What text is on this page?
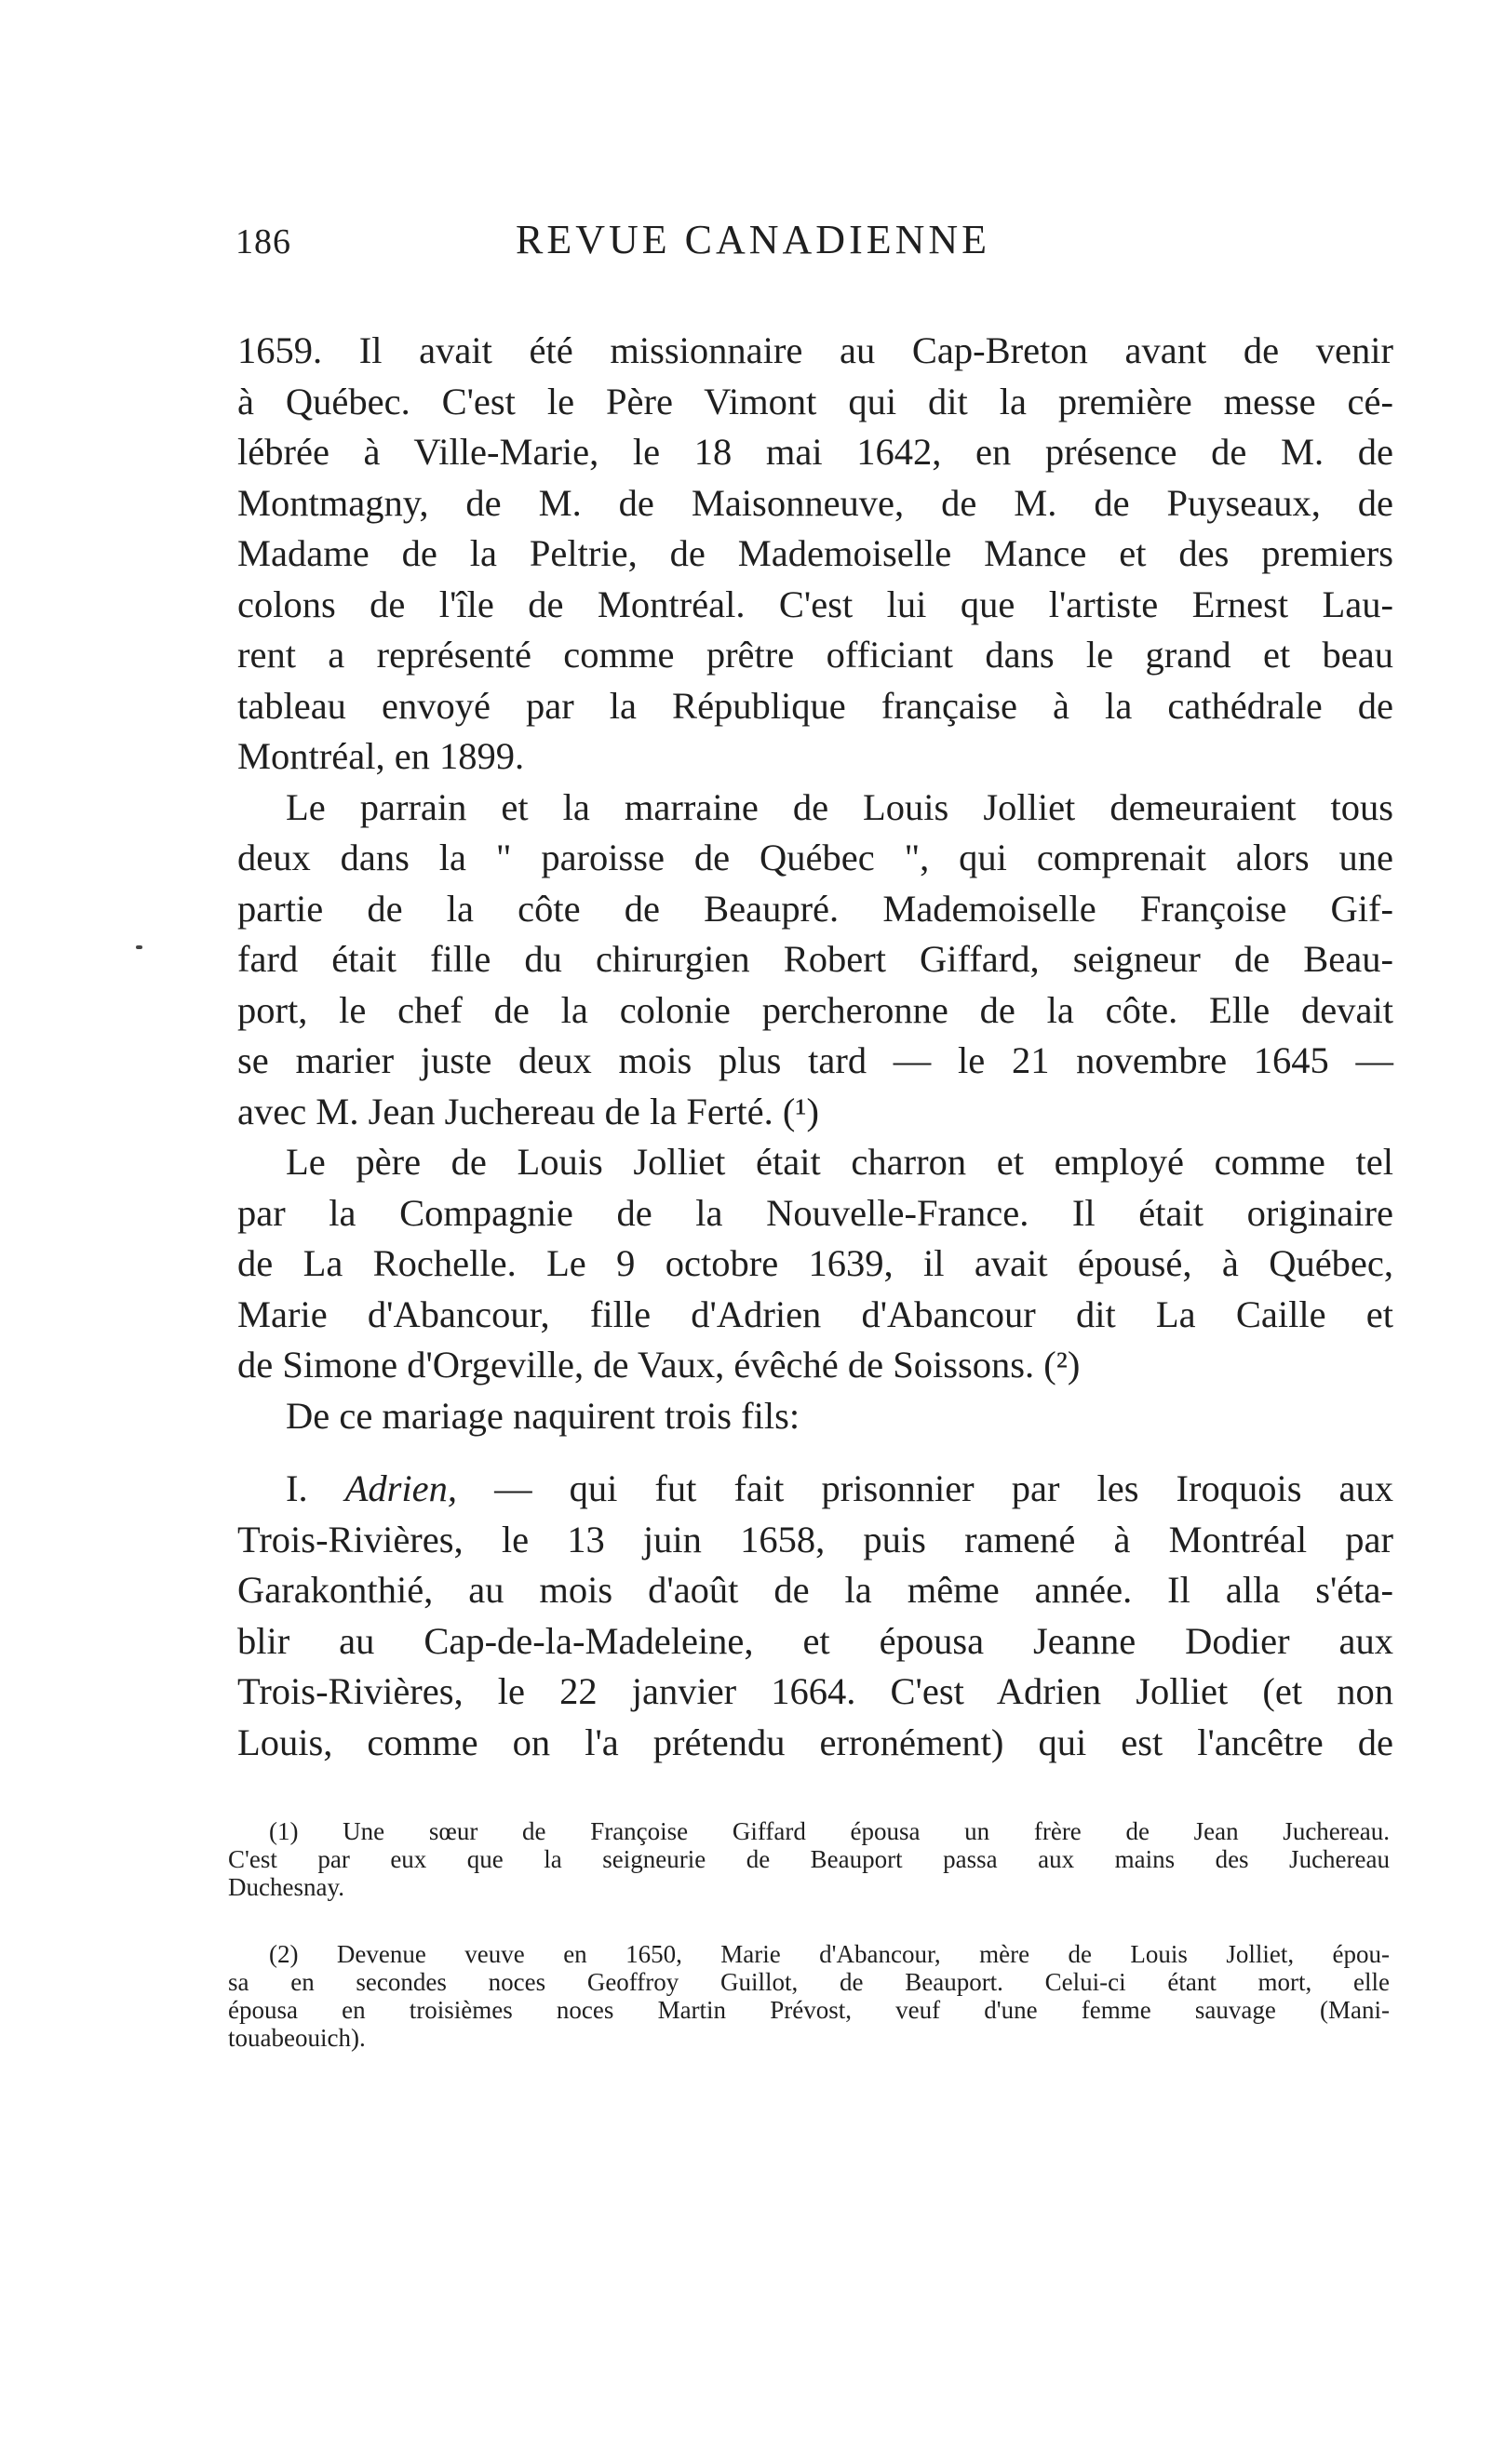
186	REVUE CANADIENNE
1659. Il avait été missionnaire au Cap-Breton avant de venir
à Québec. C'est le Père Vimont qui dit la première messe cé-
lébrée à Ville-Marie, le 18 mai 1642, en présence de M. de
Montmagny, de M. de Maisonneuve, de M. de Puyseaux, de
Madame de la Peltrie, de Mademoiselle Mance et des premiers
colons de l'île de Montréal. C'est lui que l'artiste Ernest Lau-
rent a représenté comme prêtre officiant dans le grand et beau
tableau envoyé par la République française à la cathédrale de
Montréal, en 1899.
Le parrain et la marraine de Louis Jolliet demeuraient tous
deux dans la " paroisse de Québec ", qui comprenait alors une
partie de la côte de Beaupré. Mademoiselle Françoise Gif-
fard était fille du chirurgien Robert Giffard, seigneur de Beau-
port, le chef de la colonie percheronne de la côte. Elle devait
se marier juste deux mois plus tard — le 21 novembre 1645 —
avec M. Jean Juchereau de la Ferté. (¹)
Le père de Louis Jolliet était charron et employé comme tel
par la Compagnie de la Nouvelle-France. Il était originaire
de La Rochelle. Le 9 octobre 1639, il avait épousé, à Québec,
Marie d'Abancour, fille d'Adrien d'Abancour dit La Caille et
de Simone d'Orgeville, de Vaux, évêché de Soissons. (²)
De ce mariage naquirent trois fils:
I. Adrien, — qui fut fait prisonnier par les Iroquois aux
Trois-Rivières, le 13 juin 1658, puis ramené à Montréal par
Garakonthié, au mois d'août de la même année. Il alla s'éta-
blir au Cap-de-la-Madeleine, et épousa Jeanne Dodier aux
Trois-Rivières, le 22 janvier 1664. C'est Adrien Jolliet (et non
Louis, comme on l'a prétendu erronément) qui est l'ancêtre de
(1) Une sœur de Françoise Giffard épousa un frère de Jean Juchereau.
C'est par eux que la seigneurie de Beauport passa aux mains des Juchereau
Duchesnay.
(2) Devenue veuve en 1650, Marie d'Abancour, mère de Louis Jolliet, épou-
sa en secondes noces Geoffroy Guillot, de Beauport. Celui-ci étant mort, elle
épousa en troisièmes noces Martin Prévost, veuf d'une femme sauvage (Mani-
touabeouich).
